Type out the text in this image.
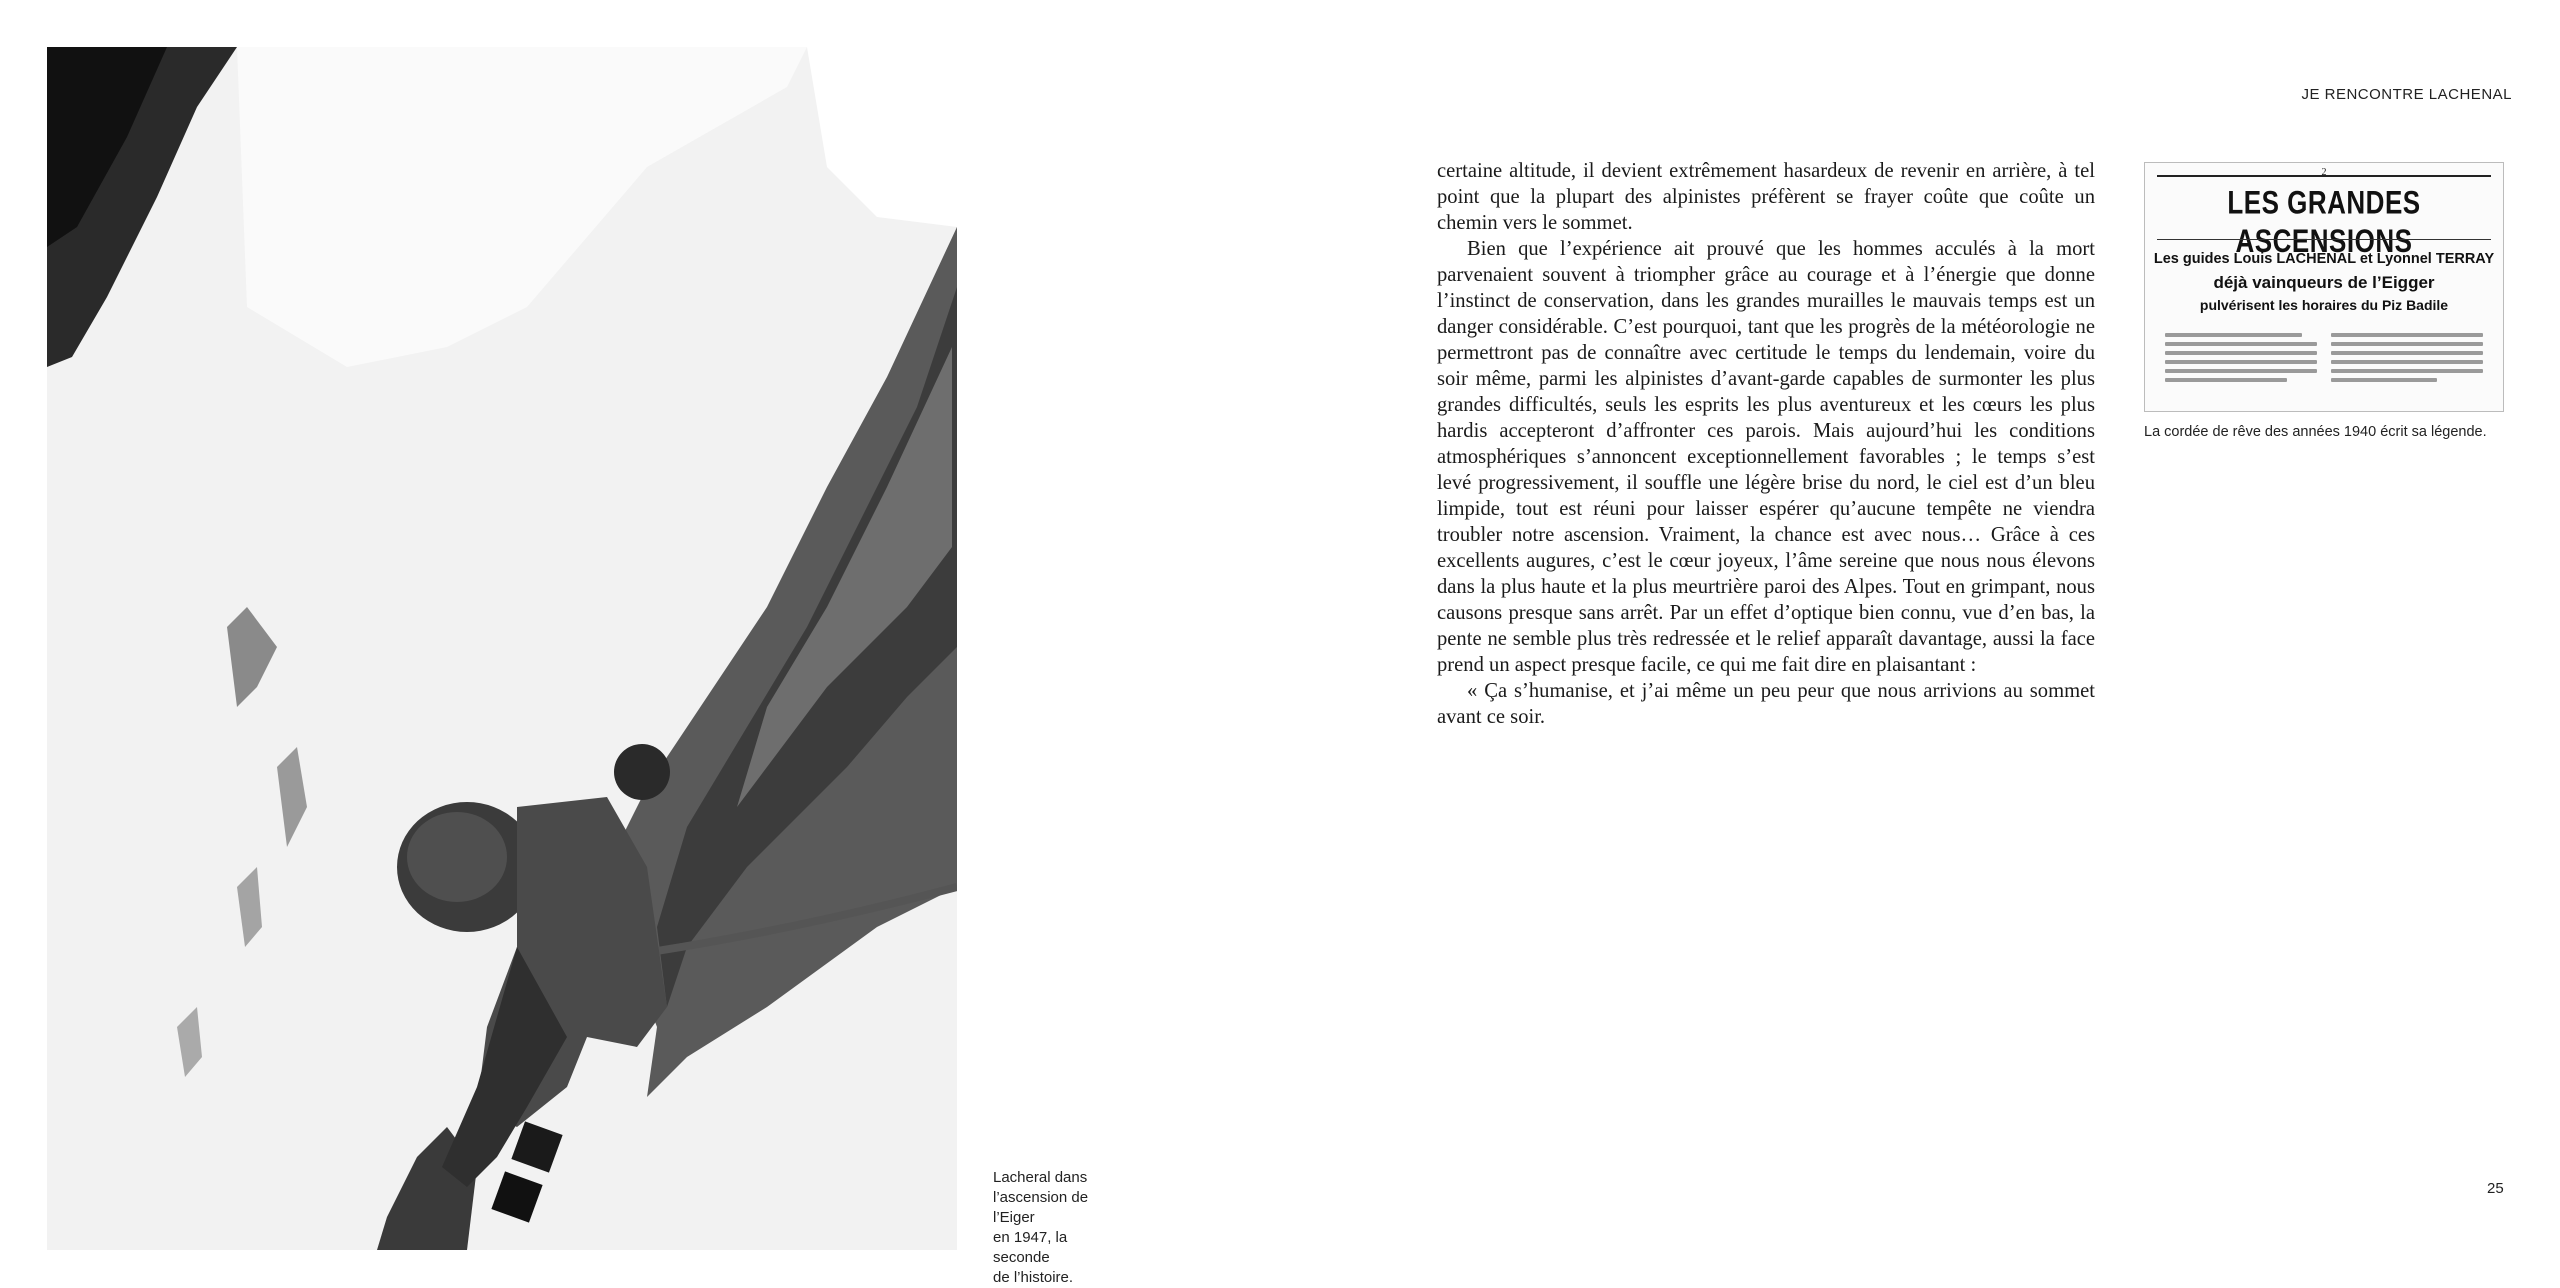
Lacheral dans
l’ascension de l’Eiger
en 1947, la seconde
de l’histoire.
JE RENCONTRE LACHENAL

certaine altitude, il devient extrêmement hasardeux de revenir en arrière, à tel point que la plupart des alpinistes préfèrent se frayer coûte que coûte un chemin vers le sommet.

Bien que l’expérience ait prouvé que les hommes acculés à la mort parvenaient souvent à triompher grâce au courage et à l’énergie que donne l’instinct de conservation, dans les grandes murailles le mauvais temps est un danger considérable. C’est pourquoi, tant que les progrès de la météorologie ne permettront pas de connaître avec certitude le temps du lendemain, voire du soir même, parmi les alpinistes d’avant-garde capables de surmonter les plus grandes difficultés, seuls les esprits les plus aventureux et les cœurs les plus hardis accepteront d’affronter ces parois. Mais aujourd’hui les conditions atmosphériques s’annoncent exceptionnellement favorables ; le temps s’est levé progressivement, il souffle une légère brise du nord, le ciel est d’un bleu limpide, tout est réuni pour laisser espérer qu’aucune tempête ne viendra troubler notre ascension. Vraiment, la chance est avec nous… Grâce à ces excellents augures, c’est le cœur joyeux, l’âme sereine que nous nous élevons dans la plus haute et la plus meurtrière paroi des Alpes. Tout en grimpant, nous causons presque sans arrêt. Par un effet d’optique bien connu, vue d’en bas, la pente ne semble plus très redressée et le relief apparaît davantage, aussi la face prend un aspect presque facile, ce qui me fait dire en plaisantant :

« Ça s’humanise, et j’ai même un peu peur que nous arrivions au sommet avant ce soir.

2
LES GRANDES ASCENSIONS
Les guides Louis LACHENAL et Lyonnel TERRAY
déjà vainqueurs de l’Eigger
pulvérisent les horaires du Piz Badile
La cordée de rêve des années 1940 écrit sa légende.
25
